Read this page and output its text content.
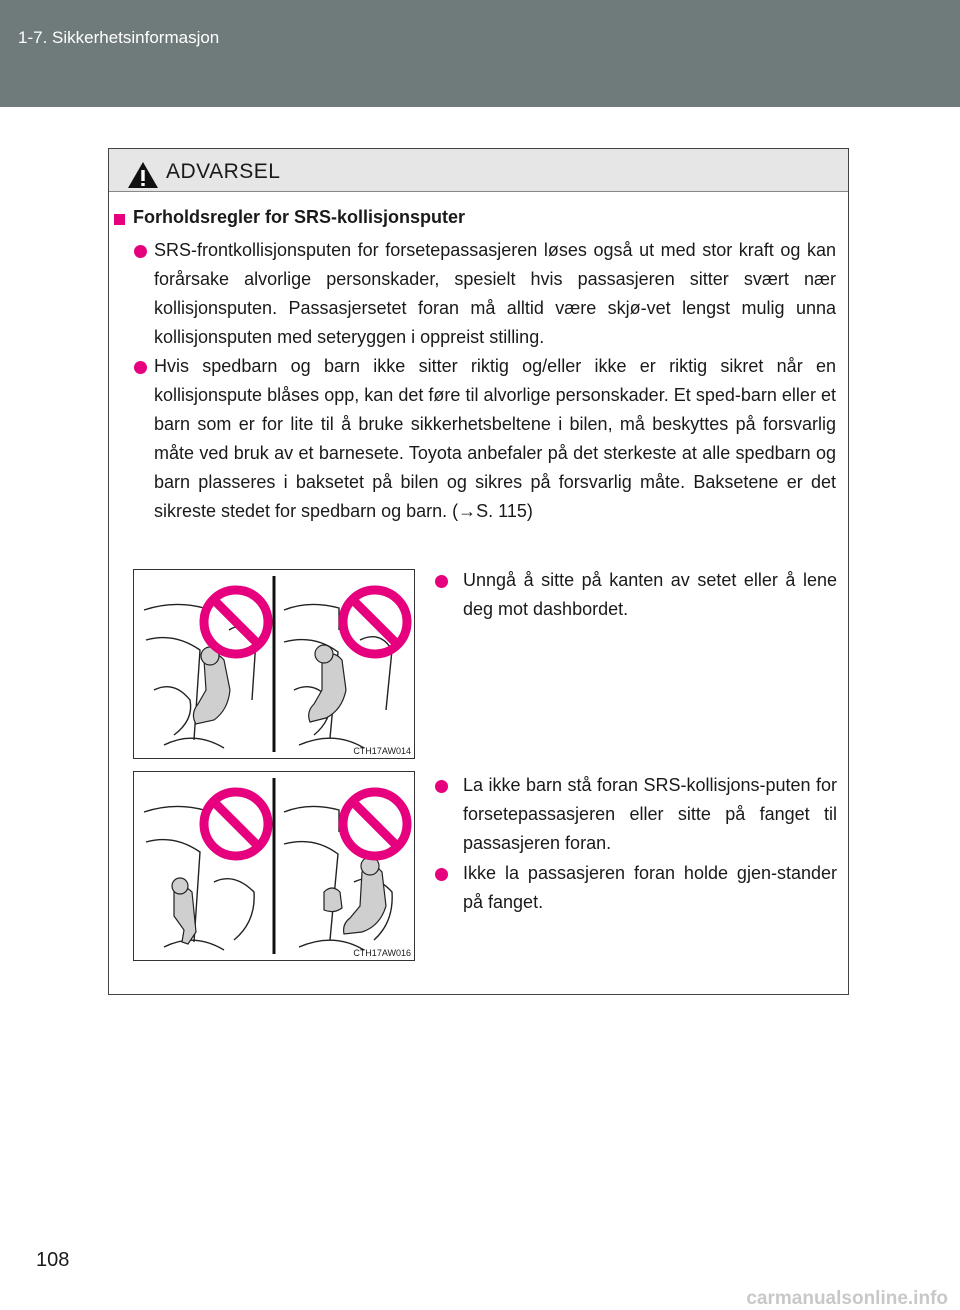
1-7. Sikkerhetsinformasjon
ADVARSEL
Forholdsregler for SRS-kollisjonsputer
SRS-frontkollisjonsputen for forsetepassasjeren løses også ut med stor kraft og kan forårsake alvorlige personskader, spesielt hvis passasjeren sitter svært nær kollisjonsputen. Passasjersetet foran må alltid være skjø-vet lengst mulig unna kollisjonsputen med seteryggen i oppreist stilling.
Hvis spedbarn og barn ikke sitter riktig og/eller ikke er riktig sikret når en kollisjonspute blåses opp, kan det føre til alvorlige personskader. Et sped-barn eller et barn som er for lite til å bruke sikkerhetsbeltene i bilen, må beskyttes på forsvarlig måte ved bruk av et barnesete. Toyota anbefaler på det sterkeste at alle spedbarn og barn plasseres i baksetet på bilen og sikres på forsvarlig måte. Baksetene er det sikreste stedet for spedbarn og barn. (→S. 115)
CTH17AW014
Unngå å sitte på kanten av setet eller å lene deg mot dashbordet.
CTH17AW016
La ikke barn stå foran SRS-kollisjons-puten for forsetepassasjeren eller sitte på fanget til passasjeren foran.
Ikke la passasjeren foran holde gjen-stander på fanget.
108
carmanualsonline.info
